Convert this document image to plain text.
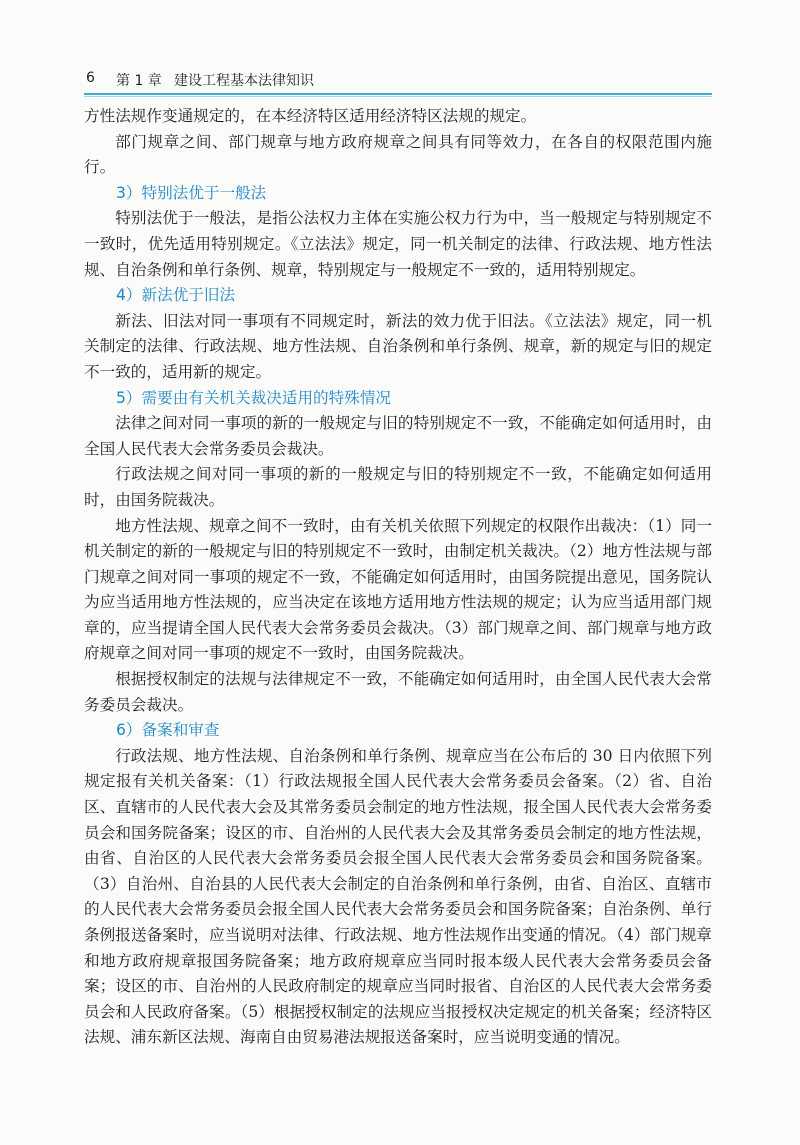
6 第 1 章 建设工程基本法律知识

方性法规作变通规定的，在本经济特区适用经济特区法规的规定。

部门规章之间、部门规章与地方政府规章之间具有同等效力，在各自的权限范围内施行。

3）特别法优于一般法

特别法优于一般法，是指公法权力主体在实施公权力行为中，当一般规定与特别规定不一致时，优先适用特别规定。《立法法》规定，同一机关制定的法律、行政法规、地方性法规、自治条例和单行条例、规章，特别规定与一般规定不一致的，适用特别规定。

4）新法优于旧法

新法、旧法对同一事项有不同规定时，新法的效力优于旧法。《立法法》规定，同一机关制定的法律、行政法规、地方性法规、自治条例和单行条例、规章，新的规定与旧的规定不一致的，适用新的规定。

5）需要由有关机关裁决适用的特殊情况

法律之间对同一事项的新的一般规定与旧的特别规定不一致，不能确定如何适用时，由全国人民代表大会常务委员会裁决。

行政法规之间对同一事项的新的一般规定与旧的特别规定不一致，不能确定如何适用时，由国务院裁决。

地方性法规、规章之间不一致时，由有关机关依照下列规定的权限作出裁决：（1）同一机关制定的新的一般规定与旧的特别规定不一致时，由制定机关裁决。（2）地方性法规与部门规章之间对同一事项的规定不一致，不能确定如何适用时，由国务院提出意见，国务院认为应当适用地方性法规的，应当决定在该地方适用地方性法规的规定；认为应当适用部门规章的，应当提请全国人民代表大会常务委员会裁决。（3）部门规章之间、部门规章与地方政府规章之间对同一事项的规定不一致时，由国务院裁决。

根据授权制定的法规与法律规定不一致，不能确定如何适用时，由全国人民代表大会常务委员会裁决。

6）备案和审查

行政法规、地方性法规、自治条例和单行条例、规章应当在公布后的 30 日内依照下列规定报有关机关备案：（1）行政法规报全国人民代表大会常务委员会备案。（2）省、自治区、直辖市的人民代表大会及其常务委员会制定的地方性法规，报全国人民代表大会常务委员会和国务院备案；设区的市、自治州的人民代表大会及其常务委员会制定的地方性法规，由省、自治区的人民代表大会常务委员会报全国人民代表大会常务委员会和国务院备案。（3）自治州、自治县的人民代表大会制定的自治条例和单行条例，由省、自治区、直辖市的人民代表大会常务委员会报全国人民代表大会常务委员会和国务院备案；自治条例、单行条例报送备案时，应当说明对法律、行政法规、地方性法规作出变通的情况。（4）部门规章和地方政府规章报国务院备案；地方政府规章应当同时报本级人民代表大会常务委员会备案；设区的市、自治州的人民政府制定的规章应当同时报省、自治区的人民代表大会常务委员会和人民政府备案。（5）根据授权制定的法规应当报授权决定规定的机关备案；经济特区法规、浦东新区法规、海南自由贸易港法规报送备案时，应当说明变通的情况。
